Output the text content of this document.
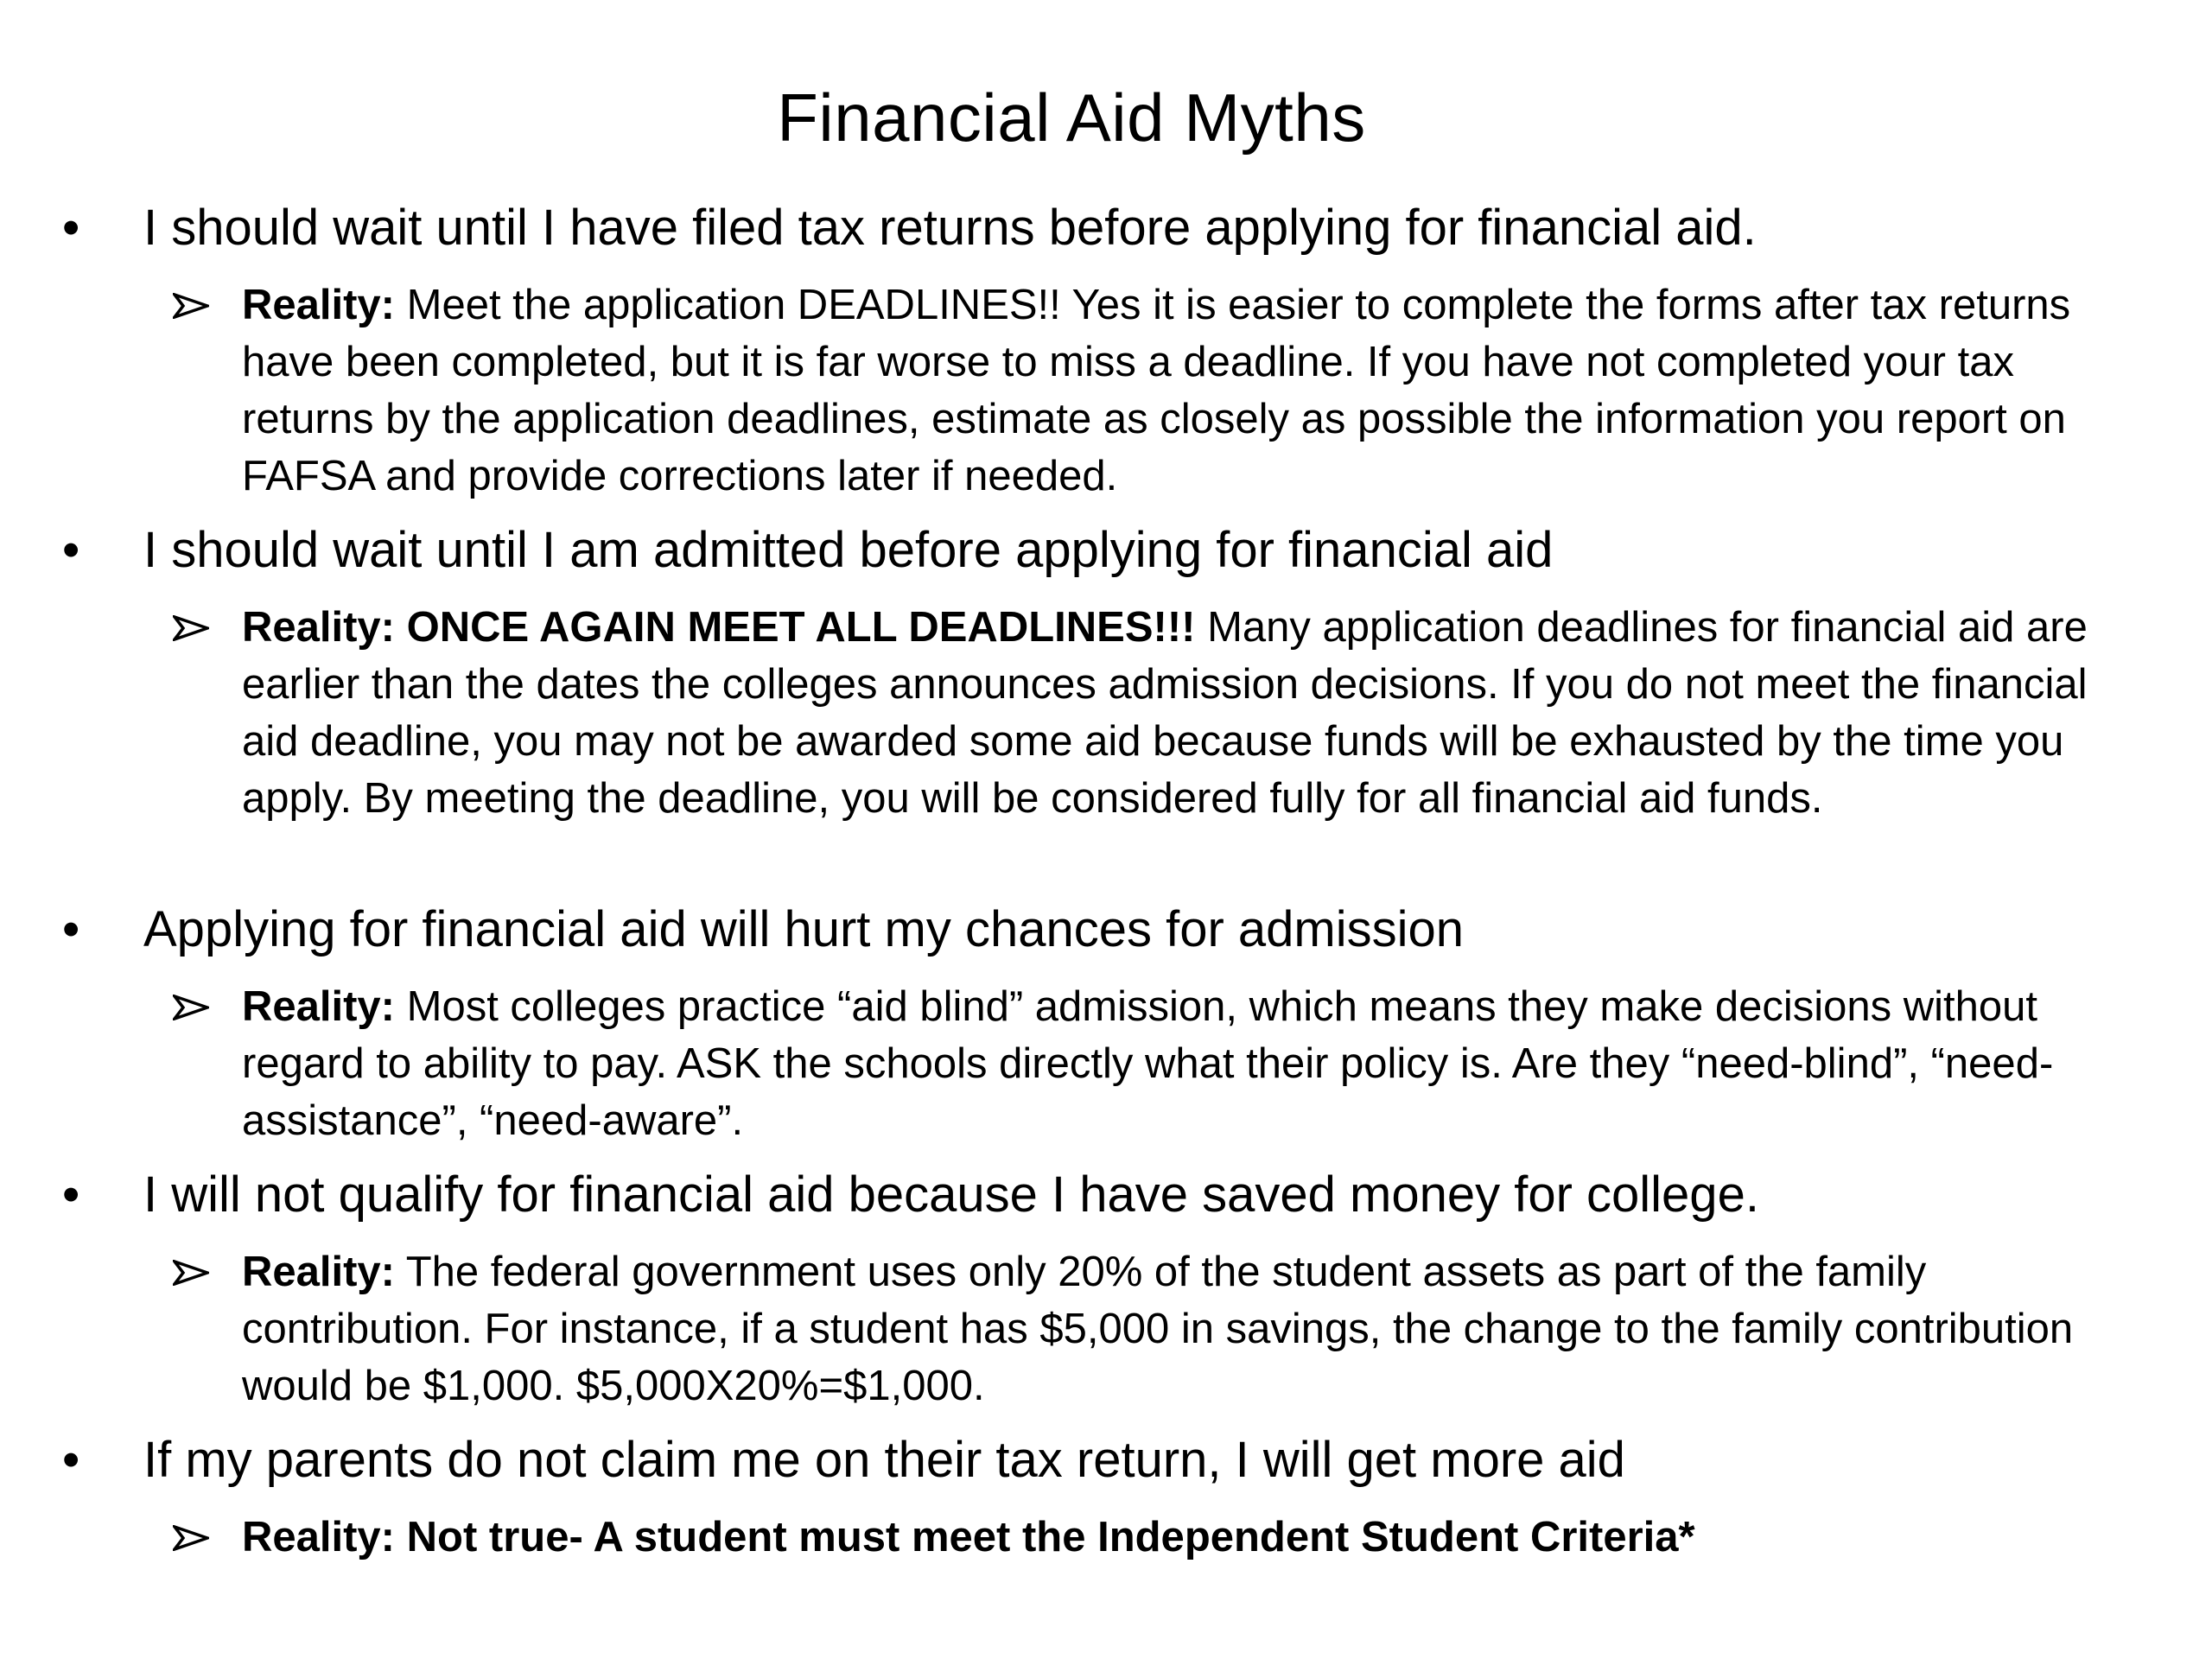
Financial Aid Myths
•	I should wait until I have filed tax returns before applying for financial aid.
Reality: Meet the application DEADLINES!! Yes it is easier to complete the forms after tax returns have been completed, but it is far worse to miss a deadline. If you have not completed your tax returns by the application deadlines, estimate as closely as possible the information you report on FAFSA and provide corrections later if needed.
•	I should wait until I am admitted before applying for financial aid
Reality: ONCE AGAIN MEET ALL DEADLINES!!! Many application deadlines for financial aid are earlier than the dates the colleges announces admission decisions. If you do not meet the financial aid deadline, you may not be awarded some aid because funds will be exhausted by the time you apply. By meeting the deadline, you will be considered fully for all financial aid funds.
•	Applying for financial aid will hurt my chances for admission
Reality: Most colleges practice “aid blind” admission, which means they make decisions without regard to ability to pay. ASK the schools directly what their policy is. Are they “need-blind”, “need-assistance”, “need-aware”.
•	I will not qualify for financial aid because I have saved money for college.
Reality: The federal government uses only 20% of the student assets as part of the family contribution. For instance, if a student has $5,000 in savings, the change to the family contribution would be $1,000. $5,000X20%=$1,000.
•	If my parents do not claim me on their tax return, I will get more aid
Reality: Not true- A student must meet the Independent Student Criteria*
